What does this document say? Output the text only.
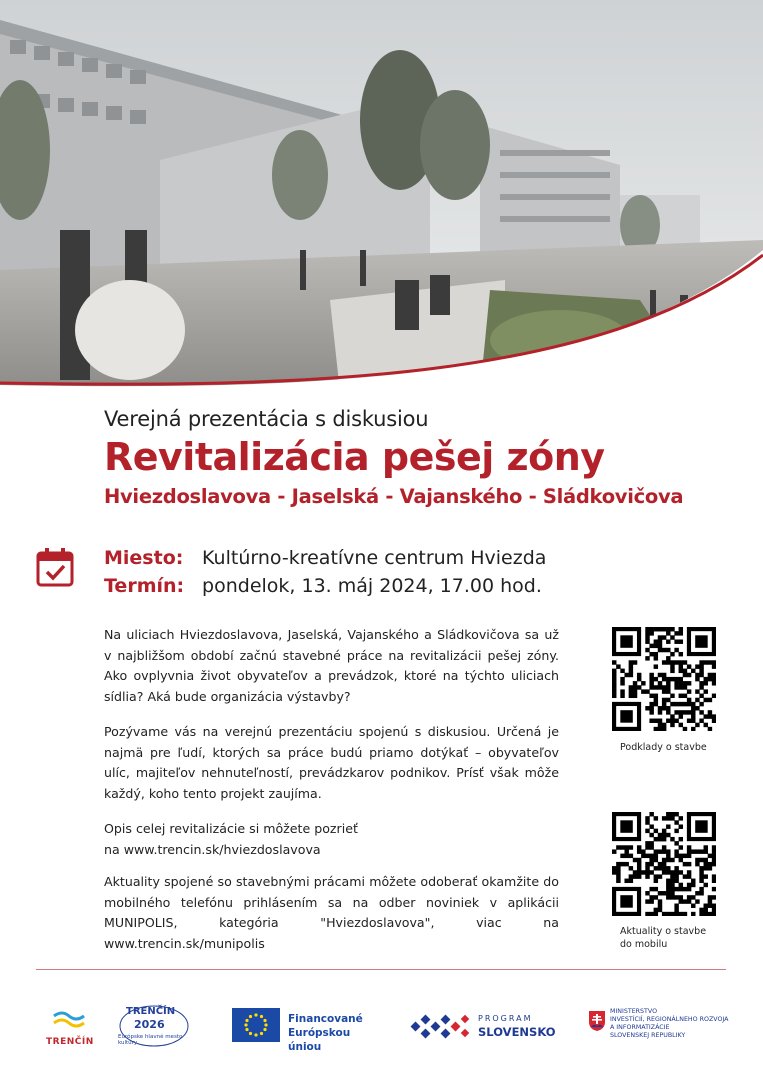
Verejná prezentácia s diskusiou
Revitalizácia pešej zóny
Hviezdoslavova - Jaselská - Vajanského - Sládkovičova
Miesto: Kultúrno-kreatívne centrum Hviezda
Termín: pondelok, 13. máj 2024, 17.00 hod.

Na uliciach Hviezdoslavova, Jaselská, Vajanského a Sládkovičova sa už v najbližšom období začnú stavebné práce na revitalizácii pešej zóny. Ako ovplyvnia život obyvateľov a prevádzok, ktoré na týchto uliciach sídlia? Aká bude organizácia výstavby?

Pozývame vás na verejnú prezentáciu spojenú s diskusiou. Určená je najmä pre ľudí, ktorých sa práce budú priamo dotýkať – obyvateľov ulíc, majiteľov nehnuteľností, prevádzkarov podnikov. Prísť však môže každý, koho tento projekt zaujíma.

Opis celej revitalizácie si môžete pozrieť
na www.trencin.sk/hviezdoslavova

Aktuality spojené so stavebnými prácami môžete odoberať okamžite do mobilného telefónu prihlásením sa na odber noviniek v aplikácii MUNIPOLIS, kategória "Hviezdoslavova", viac na www.trencin.sk/munipolis

Podklady o stavbe
Aktuality o stavbe
do mobilu
TRENČÍN
TRENČÍN
2026
Európske hlavné mesto kultúry
Financované
Európskou úniou
PROGRAM
SLOVENSKO
MINISTERSTVO
INVESTÍCIÍ, REGIONÁLNEHO ROZVOJA
A INFORMATIZÁCIE
SLOVENSKEJ REPUBLIKY
